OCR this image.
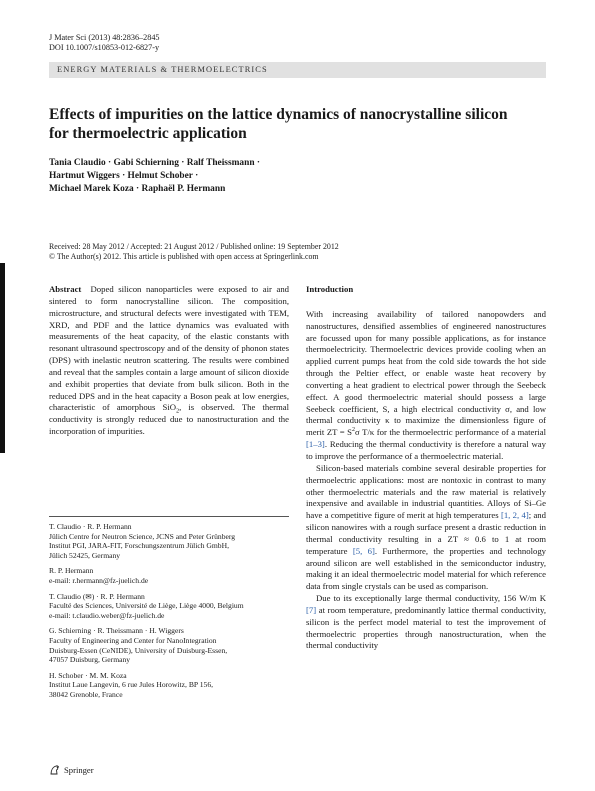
J Mater Sci (2013) 48:2836–2845
DOI 10.1007/s10853-012-6827-y
ENERGY MATERIALS & THERMOELECTRICS
Effects of impurities on the lattice dynamics of nanocrystalline silicon for thermoelectric application
Tania Claudio · Gabi Schierning · Ralf Theissmann ·
Hartmut Wiggers · Helmut Schober ·
Michael Marek Koza · Raphaël P. Hermann
Received: 28 May 2012 / Accepted: 21 August 2012 / Published online: 19 September 2012
© The Author(s) 2012. This article is published with open access at Springerlink.com

Abstract Doped silicon nanoparticles were exposed to air and sintered to form nanocrystalline silicon. The composition, microstructure, and structural defects were investigated with TEM, XRD, and PDF and the lattice dynamics was evaluated with measurements of the heat capacity, of the elastic constants with resonant ultrasound spectroscopy and of the density of phonon states (DPS) with inelastic neutron scattering. The results were combined and reveal that the samples contain a large amount of silicon dioxide and exhibit properties that deviate from bulk silicon. Both in the reduced DPS and in the heat capacity a Boson peak at low energies, characteristic of amorphous SiO$_2$, is observed. The thermal conductivity is strongly reduced due to nanostructuration and the incorporation of impurities.

T. Claudio · R. P. Hermann
Jülich Centre for Neutron Science, JCNS and Peter Grünberg
Institut PGI, JARA-FIT, Forschungszentrum Jülich GmbH,
Jülich 52425, Germany
R. P. Hermann
e-mail: r.hermann@fz-juelich.de
T. Claudio (✉) · R. P. Hermann
Faculté des Sciences, Université de Liège, Liège 4000, Belgium
e-mail: t.claudio.weber@fz-juelich.de
G. Schierning · R. Theissmann · H. Wiggers
Faculty of Engineering and Center for NanoIntegration
Duisburg-Essen (CeNIDE), University of Duisburg-Essen,
47057 Duisburg, Germany
H. Schober · M. M. Koza
Institut Laue Langevin, 6 rue Jules Horowitz, BP 156,
38042 Grenoble, France
Introduction

With increasing availability of tailored nanopowders and nanostructures, densified assemblies of engineered nanostructures are focussed upon for many possible applications, as for instance thermoelectricity. Thermoelectric devices provide cooling when an applied current pumps heat from the cold side towards the hot side through the Peltier effect, or enable waste heat recovery by converting a heat gradient to electrical power through the Seebeck effect. A good thermoelectric material should possess a large Seebeck coefficient, S, a high electrical conductivity σ, and low thermal conductivity κ to maximize the dimensionless figure of merit ZT = $S^2\sigma$ T/κ for the thermoelectric performance of a material [1–3]. Reducing the thermal conductivity is therefore a natural way to improve the performance of a thermoelectric material.

Silicon-based materials combine several desirable properties for thermoelectric applications: most are nontoxic in contrast to many other thermoelectric materials and the raw material is relatively inexpensive and available in industrial quantities. Alloys of Si–Ge have a competitive figure of merit at high temperatures [1, 2, 4]; and silicon nanowires with a rough surface present a drastic reduction in thermal conductivity resulting in a ZT ≈ 0.6 to 1 at room temperature [5, 6]. Furthermore, the properties and technology around silicon are well established in the semiconductor industry, making it an ideal thermoelectric model material for which reference data from single crystals can be used as comparison.

Due to its exceptionally large thermal conductivity, 156 W/m K [7] at room temperature, predominantly lattice thermal conductivity, silicon is the perfect model material to test the improvement of thermoelectric properties through nanostructuration, when the thermal conductivity

Springer
